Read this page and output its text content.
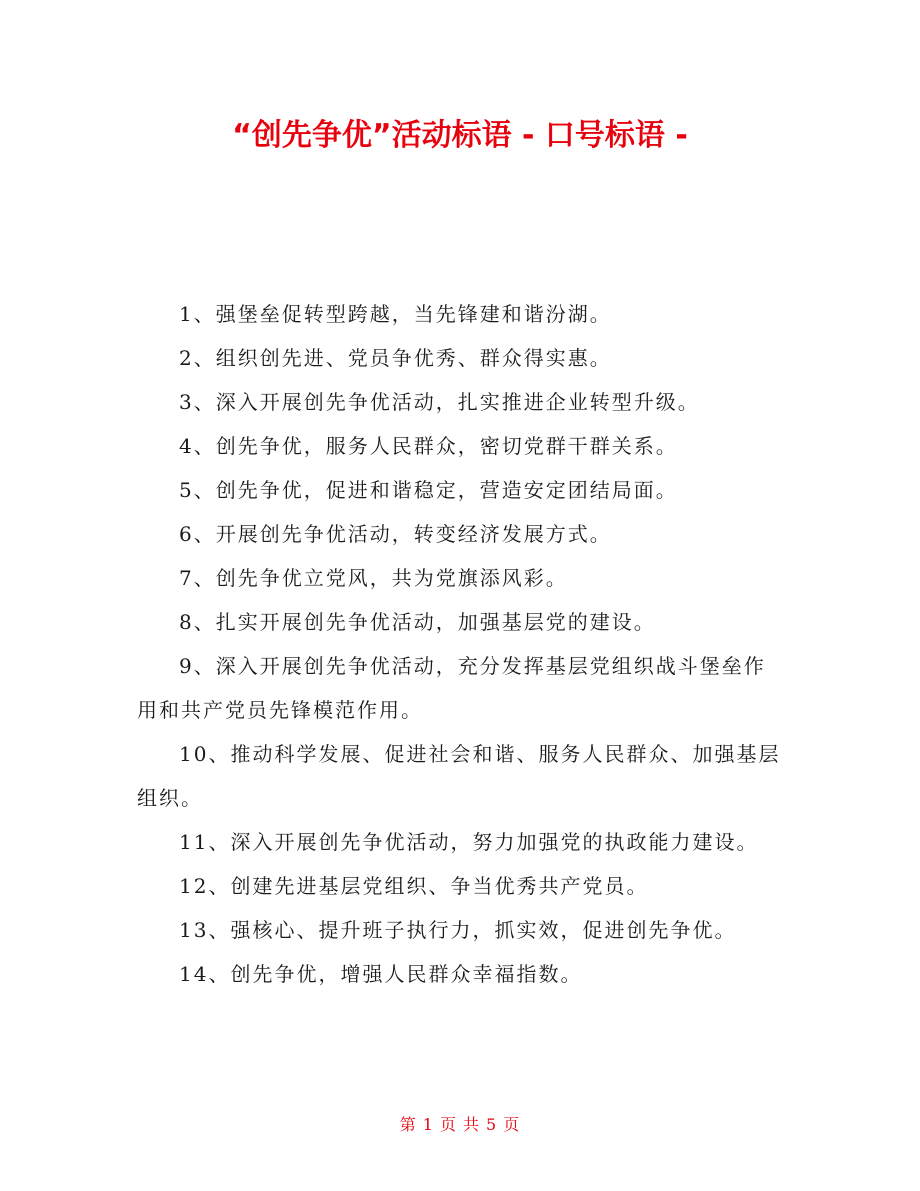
“创先争优”活动标语 - 口号标语 -
1、强堡垒促转型跨越，当先锋建和谐汾湖。
2、组织创先进、党员争优秀、群众得实惠。
3、深入开展创先争优活动，扎实推进企业转型升级。
4、创先争优，服务人民群众，密切党群干群关系。
5、创先争优，促进和谐稳定，营造安定团结局面。
6、开展创先争优活动，转变经济发展方式。
7、创先争优立党风，共为党旗添风彩。
8、扎实开展创先争优活动，加强基层党的建设。
9、深入开展创先争优活动，充分发挥基层党组织战斗堡垒作用和共产党员先锋模范作用。
10、推动科学发展、促进社会和谐、服务人民群众、加强基层组织。
11、深入开展创先争优活动，努力加强党的执政能力建设。
12、创建先进基层党组织、争当优秀共产党员。
13、强核心、提升班子执行力，抓实效，促进创先争优。
14、创先争优，增强人民群众幸福指数。
第 1 页 共 5 页
